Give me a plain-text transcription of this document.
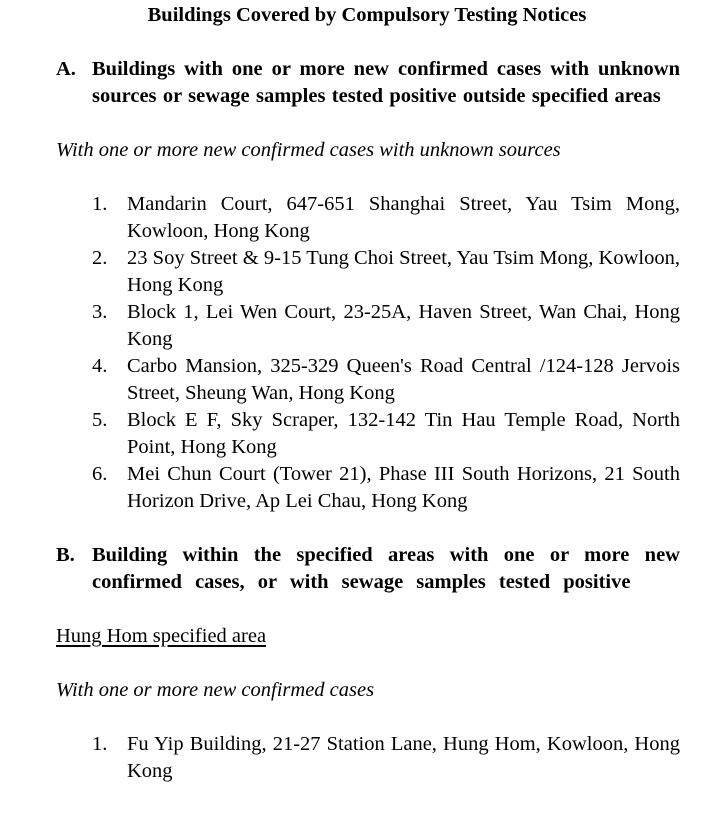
Buildings Covered by Compulsory Testing Notices
A. Buildings with one or more new confirmed cases with unknown sources or sewage samples tested positive outside specified areas
With one or more new confirmed cases with unknown sources
1. Mandarin Court, 647-651 Shanghai Street, Yau Tsim Mong, Kowloon, Hong Kong
2. 23 Soy Street & 9-15 Tung Choi Street, Yau Tsim Mong, Kowloon, Hong Kong
3. Block 1, Lei Wen Court, 23-25A, Haven Street, Wan Chai, Hong Kong
4. Carbo Mansion, 325-329 Queen's Road Central /124-128 Jervois Street, Sheung Wan, Hong Kong
5. Block E F, Sky Scraper, 132-142 Tin Hau Temple Road, North Point, Hong Kong
6. Mei Chun Court (Tower 21), Phase III South Horizons, 21 South Horizon Drive, Ap Lei Chau, Hong Kong
B. Building within the specified areas with one or more new confirmed cases, or with sewage samples tested positive
Hung Hom specified area
With one or more new confirmed cases
1. Fu Yip Building, 21-27 Station Lane, Hung Hom, Kowloon, Hong Kong
